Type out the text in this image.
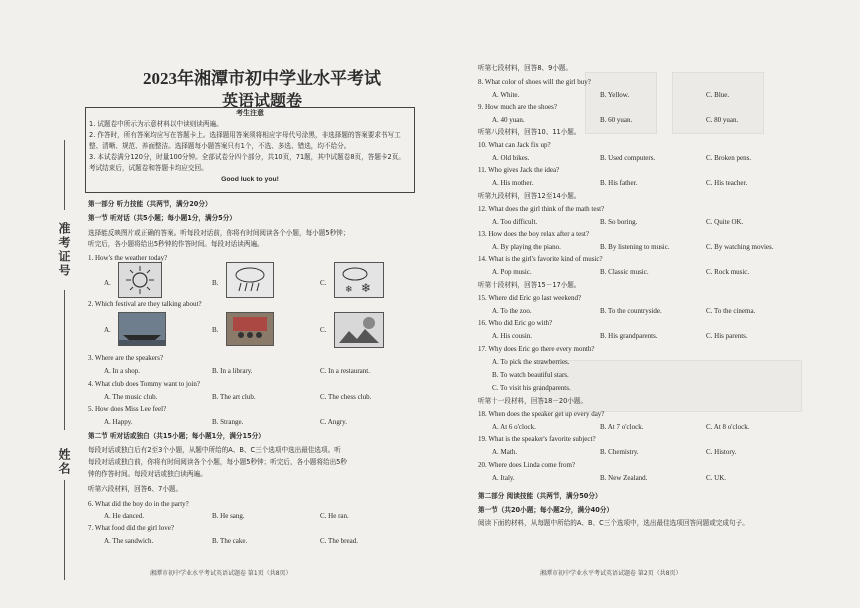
准考证号
姓名
2023年湘潭市初中学业水平考试
英语试题卷
考生注意
1. 试题卷中所示为示意材料以中读则读两遍。
2. 作答时，所有答案均应写在答题卡上。选择题用答案须将相应字母代号涂黑，非选择题的答案要求书写工整、清晰、规范、养面整洁。选择题每小题答案只有1个，不选、多选、错选，均不给分。
3. 本试卷满分120分，时量100分钟。全部试卷分四个部分，共10页，71题，其中试题卷8页，答题卡2页。考试结束后，试题卷和答题卡均应交回。
Good luck to you!
第一部分 听力技能（共两节，满分20分）
第一节 听对话（共5小题；每小题1分，满分5分）
选择能反映图片或正确的答案。听每段对话前，你将有时间阅读各个小题，每小题5秒钟；
听完后，各小题将给出5秒钟的作答时间。每段对话读两遍。
1. How's the weather today?
A.	B.	C.	❄
❄
2. Which festival are they talking about?
A.	B.	C.
3. Where are the speakers?
A. In a shop.	B. In a library.	C. In a restaurant.
4. What club does Tommy want to join?
A. The music club.	B. The art club.	C. The chess club.
5. How does Miss Lee feel?
A. Happy.	B. Strange.	C. Angry.
第二节 听对话或独白（共15小题；每小题1分，满分15分）
每段对话或独白后有2至3个小题，从题中所给的A、B、C三个选项中选出最佳选项。听
每段对话或独白前，你将有时间阅读各个小题，每小题5秒钟；听完后，各小题将给出5秒
钟的作答时间。每段对话或独白读两遍。
听第六段材料，回答6、7小题。
6. What did the boy do in the party?
A. He danced.	B. He sang.	C. He ran.
7. What food did the girl love?
A. The sandwich.	B. The cake.	C. The bread.
湘潭市初中学业水平考试英语试题卷 第1页（共8页）
听第七段材料，回答8、9小题。
8. What color of shoes will the girl buy?
A. White.	B. Yellow.	C. Blue.
9. How much are the shoes?
A. 40 yuan.	B. 60 yuan.	C. 80 yuan.
听第八段材料，回答10、11小题。
10. What can Jack fix up?
A. Old bikes.	B. Used computers.	C. Broken pens.
11. Who gives Jack the idea?
A. His mother.	B. His father.	C. His teacher.
听第九段材料，回答12至14小题。
12. What does the girl think of the math test?
A. Too difficult.	B. So boring.	C. Quite OK.
13. How does the boy relax after a test?
A. By playing the piano.	B. By listening to music.	C. By watching movies.
14. What is the girl's favorite kind of music?
A. Pop music.	B. Classic music.	C. Rock music.
听第十段材料，回答15－17小题。
15. Where did Eric go last weekend?
A. To the zoo.	B. To the countryside.	C. To the cinema.
16. Who did Eric go with?
A. His cousin.	B. His grandparents.	C. His parents.
17. Why does Eric go there every month?
A. To pick the strawberries.
B. To watch beautiful stars.
C. To visit his grandparents.
听第十一段材料，回答18－20小题。
18. When does the speaker get up every day?
A. At 6 o'clock.	B. At 7 o'clock.	C. At 8 o'clock.
19. What is the speaker's favorite subject?
A. Math.	B. Chemistry.	C. History.
20. Where does Linda come from?
A. Italy.	B. New Zealand.	C. UK.
第二部分 阅读技能（共两节，满分50分）
第一节（共20小题；每小题2分，满分40分）
阅读下面的材料，从每题中所给的A、B、C三个选项中，选出最佳选项回答问题或完成句子。
湘潭市初中学业水平考试英语试题卷 第2页（共8页）
